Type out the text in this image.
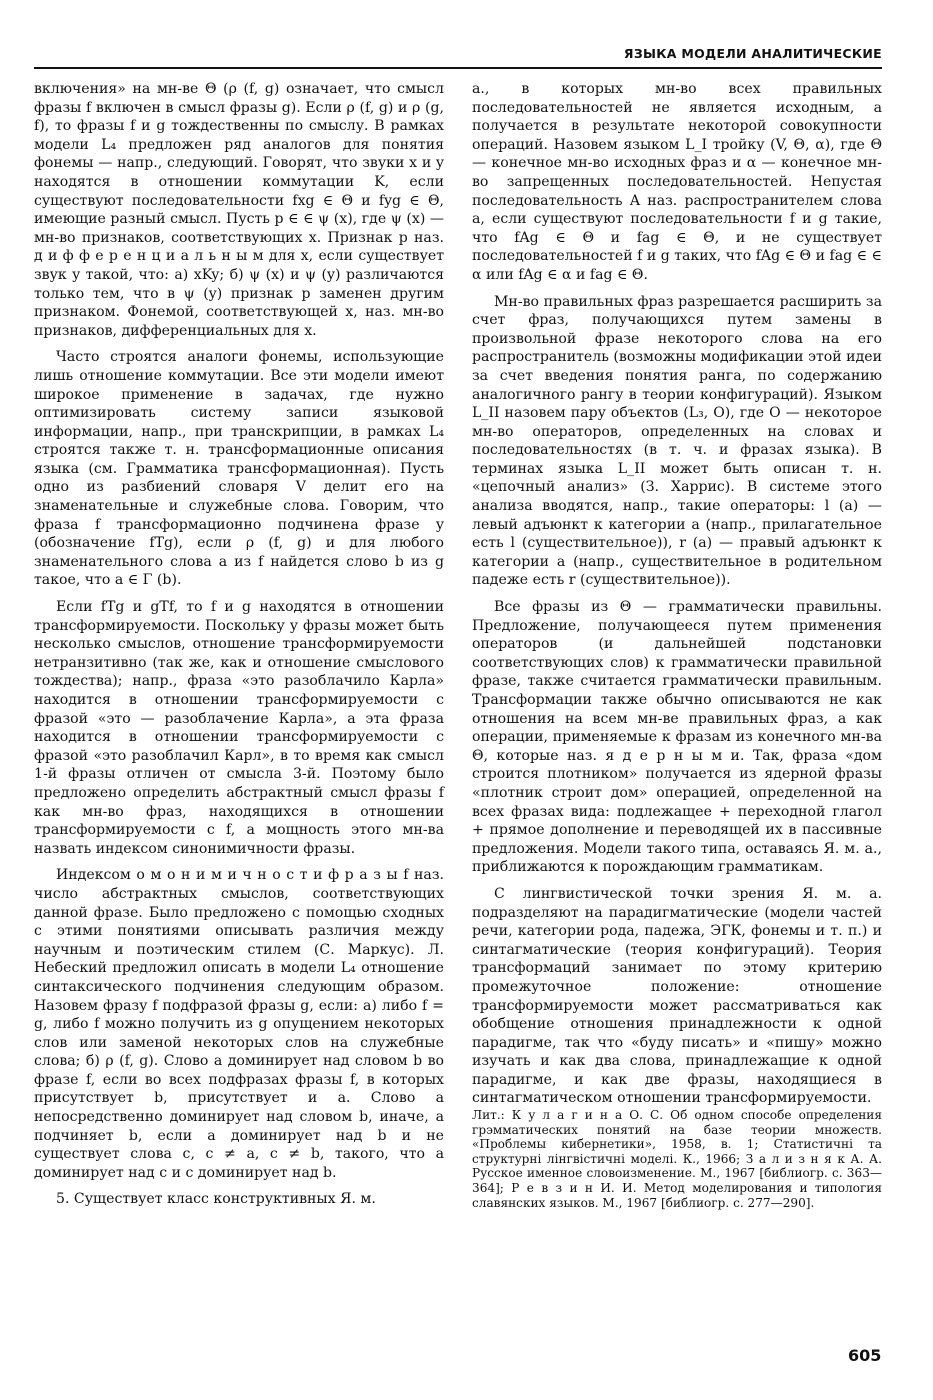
ЯЗЫКА МОДЕЛИ АНАЛИТИЧЕСКИЕ

включения» на мн-ве Θ (ρ (f, g) означает, что смысл фразы f включен в смысл фразы g). Если ρ (f, g) и ρ (g, f), то фразы f и g тождественны по смыслу. В рамках модели L₄ предложен ряд аналогов для понятия фонемы — напр., следующий. Говорят, что звуки x и y находятся в отношении коммутации K, если существуют последовательности fxg ∈ Θ и fyg ∈ Θ, имеющие разный смысл. Пусть p ∈ ∈ ψ (x), где ψ (x) — мн-во признаков, соответствующих x. Признак p наз. д и ф ф е р е н ц и а л ь н ы м для x, если существует звук y такой, что: а) xKy; б) ψ (x) и ψ (y) различаются только тем, что в ψ (y) признак p заменен другим признаком. Фонемой, соответствующей x, наз. мн-во признаков, дифференциальных для x.

Часто строятся аналоги фонемы, использующие лишь отношение коммутации. Все эти модели имеют широкое применение в задачах, где нужно оптимизировать систему записи языковой информации, напр., при транскрипции, в рамках L₄ строятся также т. н. трансформационные описания языка (см. Грамматика трансформационная). Пусть одно из разбиений словаря V делит его на знаменательные и служебные слова. Говорим, что фраза f трансформационно подчинена фразе y (обозначение fTg), если ρ (f, g) и для любого знаменательного слова a из f найдется слово b из g такое, что a ∈ Γ (b).

Если fTg и gTf, то f и g находятся в отношении трансформируемости. Поскольку у фразы может быть несколько смыслов, отношение трансформируемости нетранзитивно (так же, как и отношение смыслового тождества); напр., фраза «это разоблачило Карла» находится в отношении трансформируемости с фразой «это — разоблачение Карла», а эта фраза находится в отношении трансформируемости с фразой «это разоблачил Карл», в то время как смысл 1-й фразы отличен от смысла 3-й. Поэтому было предложено определить абстрактный смысл фразы f как мн-во фраз, находящихся в отношении трансформируемости с f, а мощность этого мн-ва назвать индексом синонимичности фразы.

Индексом о м о н и м и ч н о с т и ф р а з ы f наз. число абстрактных смыслов, соответствующих данной фразе. Было предложено с помощью сходных с этими понятиями описывать различия между научным и поэтическим стилем (С. Маркус). Л. Небеский предложил описать в модели L₄ отношение синтаксического подчинения следующим образом. Назовем фразу f подфразой фразы g, если: а) либо f = g, либо f можно получить из g опущением некоторых слов или заменой некоторых слов на служебные слова; б) ρ (f, g). Слово a доминирует над словом b во фразе f, если во всех подфразах фразы f, в которых присутствует b, присутствует и a. Слово a непосредственно доминирует над словом b, иначе, a подчиняет b, если a доминирует над b и не существует слова c, c ≠ a, c ≠ b, такого, что a доминирует над c и c доминирует над b.

5. Существует класс конструктивных Я. м.

а., в которых мн-во всех правильных последовательностей не является исходным, а получается в результате некоторой совокупности операций. Назовем языком L_I тройку (V, Θ, α), где Θ — конечное мн-во исходных фраз и α — конечное мн-во запрещенных последовательностей. Непустая последовательность A наз. распространителем слова a, если существуют последовательности f и g такие, что fAg ∈ Θ и fag ∈ Θ, и не существует последовательностей f и g таких, что fAg ∈ Θ и fag ∈ ∈ α или fAg ∈ α и fag ∈ Θ.

Мн-во правильных фраз разрешается расширить за счет фраз, получающихся путем замены в произвольной фразе некоторого слова на его распространитель (возможны модификации этой идеи за счет введения понятия ранга, по содержанию аналогичного рангу в теории конфигураций). Языком L_II назовем пару объектов (L₃, O), где O — некоторое мн-во операторов, определенных на словах и последовательностях (в т. ч. и фразах языка). В терминах языка L_II может быть описан т. н. «цепочный анализ» (З. Харрис). В системе этого анализа вводятся, напр., такие операторы: l (a) — левый адъюнкт к категории a (напр., прилагательное есть l (существительное)), r (a) — правый адъюнкт к категории a (напр., существительное в родительном падеже есть r (существительное)).

Все фразы из Θ — грамматически правильны. Предложение, получающееся путем применения операторов (и дальнейшей подстановки соответствующих слов) к грамматически правильной фразе, также считается грамматически правильным. Трансформации также обычно описываются не как отношения на всем мн-ве правильных фраз, а как операции, применяемые к фразам из конечного мн-ва Θ, которые наз. я д е р н ы м и. Так, фраза «дом строится плотником» получается из ядерной фразы «плотник строит дом» операцией, определенной на всех фразах вида: подлежащее + переходной глагол + прямое дополнение и переводящей их в пассивные предложения. Модели такого типа, оставаясь Я. м. а., приближаются к порождающим грамматикам.

С лингвистической точки зрения Я. м. а. подразделяют на парадигматические (модели частей речи, категории рода, падежа, ЭГК, фонемы и т. п.) и синтагматические (теория конфигураций). Теория трансформаций занимает по этому критерию промежуточное положение: отношение трансформируемости может рассматриваться как обобщение отношения принадлежности к одной парадигме, так что «буду писать» и «пишу» можно изучать и как два слова, принадлежащие к одной парадигме, и как две фразы, находящиеся в синтагматическом отношении трансформируемости.

Лит.: К у л а г и н а О. С. Об одном способе определения грэмматических понятий на базе теории множеств. «Проблемы кибернетики», 1958, в. 1; Статистичні та структурні лінгвістичні моделі. К., 1966; З а л и з н я к А. А. Русское именное словоизменение. М., 1967 [библиогр. с. 363—364]; Р е в з и н И. И. Метод моделирования и типология славянских языков. М., 1967 [библиогр. с. 277—290].

605
